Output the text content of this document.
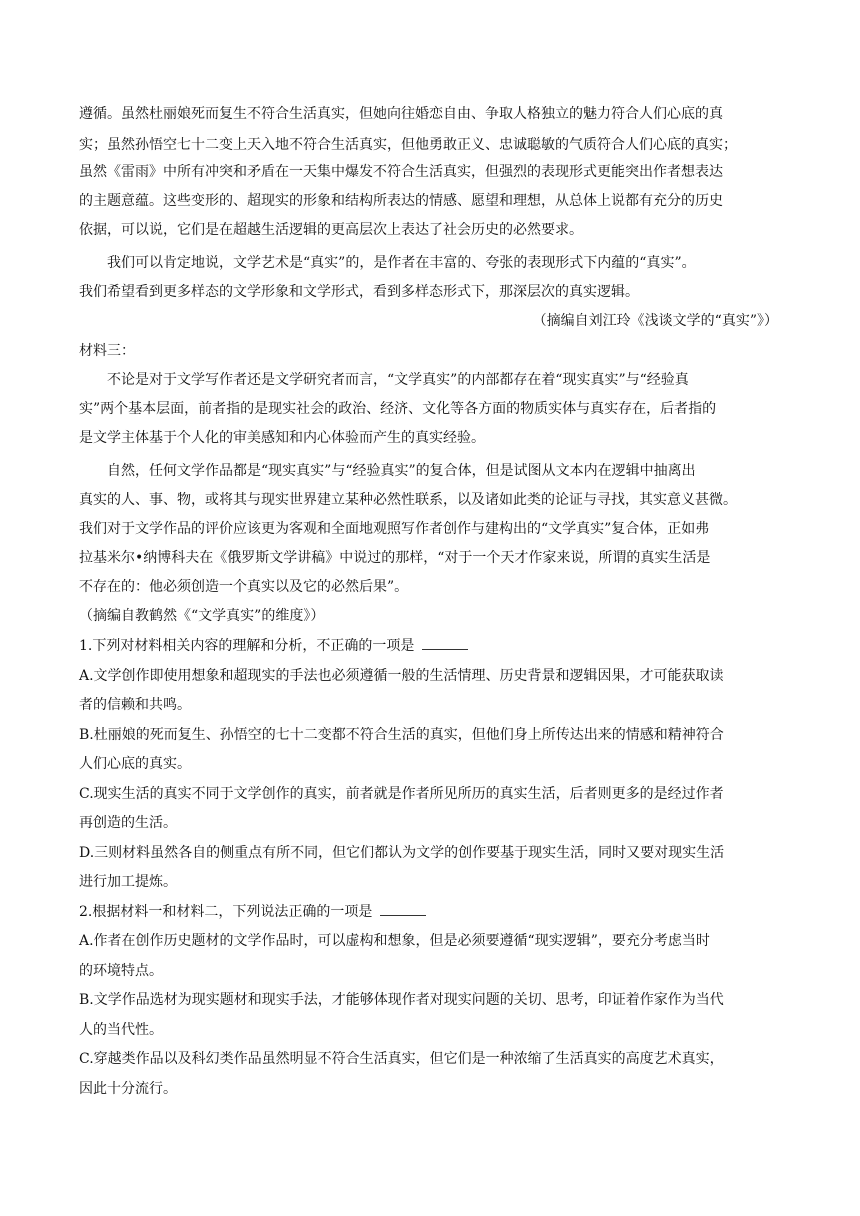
遵循。虽然杜丽娘死而复生不符合生活真实，但她向往婚恋自由、争取人格独立的魅力符合人们心底的真
实；虽然孙悟空七十二变上天入地不符合生活真实，但他勇敢正义、忠诚聪敏的气质符合人们心底的真实；
虽然《雷雨》中所有冲突和矛盾在一天集中爆发不符合生活真实，但强烈的表现形式更能突出作者想表达
的主题意蕴。这些变形的、超现实的形象和结构所表达的情感、愿望和理想，从总体上说都有充分的历史
依据，可以说，它们是在超越生活逻辑的更高层次上表达了社会历史的必然要求。
　　我们可以肯定地说，文学艺术是“真实”的，是作者在丰富的、夸张的表现形式下内蕴的“真实”。
我们希望看到更多样态的文学形象和文学形式，看到多样态形式下，那深层次的真实逻辑。
（摘编自刘江玲《浅谈文学的“真实”》）
材料三：
　　不论是对于文学写作者还是文学研究者而言，“文学真实”的内部都存在着“现实真实”与“经验真
实”两个基本层面，前者指的是现实社会的政治、经济、文化等各方面的物质实体与真实存在，后者指的
是文学主体基于个人化的审美感知和内心体验而产生的真实经验。
　　自然，任何文学作品都是“现实真实”与“经验真实”的复合体，但是试图从文本内在逻辑中抽离出
真实的人、事、物，或将其与现实世界建立某种必然性联系，以及诸如此类的论证与寻找，其实意义甚微。
我们对于文学作品的评价应该更为客观和全面地观照写作者创作与建构出的“文学真实”复合体，正如弗
拉基米尔•纳博科夫在《俄罗斯文学讲稿》中说过的那样，“对于一个天才作家来说，所谓的真实生活是
不存在的：他必须创造一个真实以及它的必然后果”。
（摘编自教鹤然《“文学真实”的维度》）
1.下列对材料相关内容的理解和分析，不正确的一项是
A.文学创作即使用想象和超现实的手法也必须遵循一般的生活情理、历史背景和逻辑因果，才可能获取读
者的信赖和共鸣。
B.杜丽娘的死而复生、孙悟空的七十二变都不符合生活的真实，但他们身上所传达出来的情感和精神符合
人们心底的真实。
C.现实生活的真实不同于文学创作的真实，前者就是作者所见所历的真实生活，后者则更多的是经过作者
再创造的生活。
D.三则材料虽然各自的侧重点有所不同，但它们都认为文学的创作要基于现实生活，同时又要对现实生活
进行加工提炼。
2.根据材料一和材料二，下列说法正确的一项是
A.作者在创作历史题材的文学作品时，可以虚构和想象，但是必须要遵循“现实逻辑”，要充分考虑当时
的环境特点。
B.文学作品选材为现实题材和现实手法，才能够体现作者对现实问题的关切、思考，印证着作家作为当代
人的当代性。
C.穿越类作品以及科幻类作品虽然明显不符合生活真实，但它们是一种浓缩了生活真实的高度艺术真实，
因此十分流行。
